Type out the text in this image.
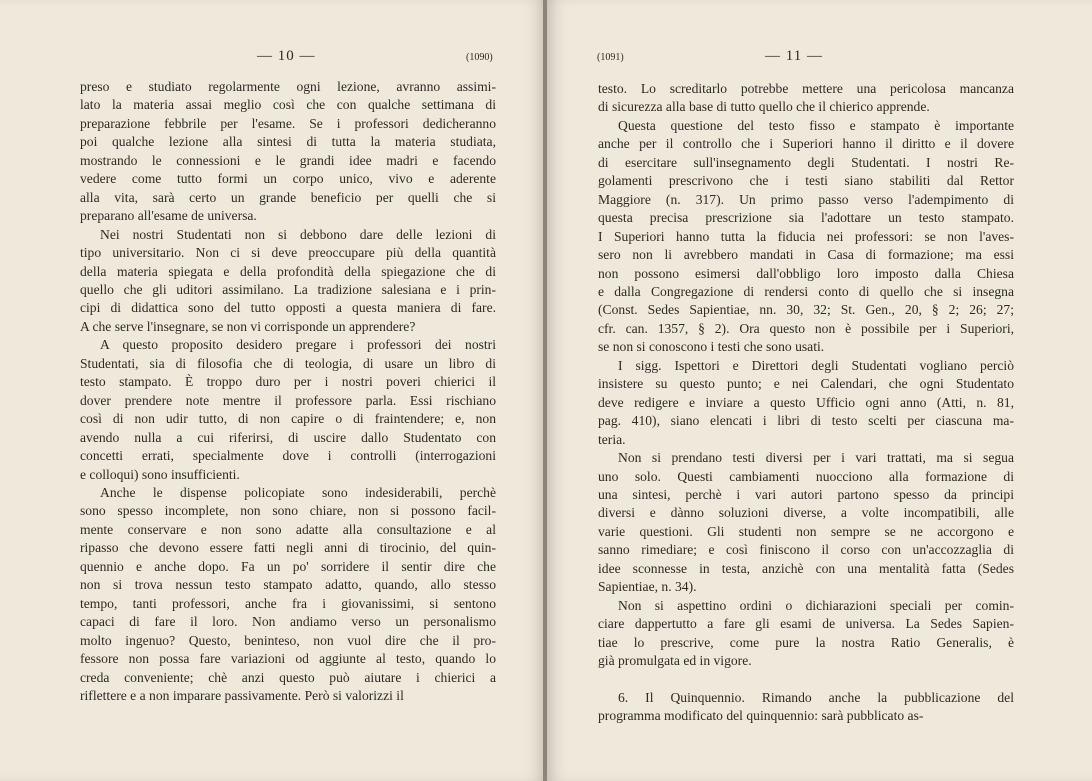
— 10 —	(1090)
preso e studiato regolarmente ogni lezione, avranno assimi-
lato la materia assai meglio così che con qualche settimana di
preparazione febbrile per l'esame. Se i professori dedicheranno
poi qualche lezione alla sintesi di tutta la materia studiata,
mostrando le connessioni e le grandi idee madri e facendo
vedere come tutto formi un corpo unico, vivo e aderente
alla vita, sarà certo un grande beneficio per quelli che si
preparano all'esame de universa.
Nei nostri Studentati non si debbono dare delle lezioni di
tipo universitario. Non ci si deve preoccupare più della quantità
della materia spiegata e della profondità della spiegazione che di
quello che gli uditori assimilano. La tradizione salesiana e i prin-
cipi di didattica sono del tutto opposti a questa maniera di fare.
A che serve l'insegnare, se non vi corrisponde un apprendere?
A questo proposito desidero pregare i professori dei nostri
Studentati, sia di filosofia che di teologia, di usare un libro di
testo stampato. È troppo duro per i nostri poveri chierici il
dover prendere note mentre il professore parla. Essi rischiano
così di non udir tutto, di non capire o di fraintendere; e, non
avendo nulla a cui riferirsi, di uscire dallo Studentato con
concetti errati, specialmente dove i controlli (interrogazioni
e colloqui) sono insufficienti.
Anche le dispense policopiate sono indesiderabili, perchè
sono spesso incomplete, non sono chiare, non si possono facil-
mente conservare e non sono adatte alla consultazione e al
ripasso che devono essere fatti negli anni di tirocinio, del quin-
quennio e anche dopo. Fa un po' sorridere il sentir dire che
non si trova nessun testo stampato adatto, quando, allo stesso
tempo, tanti professori, anche fra i giovanissimi, si sentono
capaci di fare il loro. Non andiamo verso un personalismo
molto ingenuo? Questo, beninteso, non vuol dire che il pro-
fessore non possa fare variazioni od aggiunte al testo, quando lo
creda conveniente; chè anzi questo può aiutare i chierici a
riflettere e a non imparare passivamente. Però si valorizzi il
(1091)	— 11 —
testo. Lo screditarlo potrebbe mettere una pericolosa mancanza
di sicurezza alla base di tutto quello che il chierico apprende.
Questa questione del testo fisso e stampato è importante
anche per il controllo che i Superiori hanno il diritto e il dovere
di esercitare sull'insegnamento degli Studentati. I nostri Re-
golamenti prescrivono che i testi siano stabiliti dal Rettor
Maggiore (n. 317). Un primo passo verso l'adempimento di
questa precisa prescrizione sia l'adottare un testo stampato.
I Superiori hanno tutta la fiducia nei professori: se non l'aves-
sero non li avrebbero mandati in Casa di formazione; ma essi
non possono esimersi dall'obbligo loro imposto dalla Chiesa
e dalla Congregazione di rendersi conto di quello che si insegna
(Const. Sedes Sapientiae, nn. 30, 32; St. Gen., 20, § 2; 26; 27;
cfr. can. 1357, § 2). Ora questo non è possibile per i Superiori,
se non si conoscono i testi che sono usati.
I sigg. Ispettori e Direttori degli Studentati vogliano perciò
insistere su questo punto; e nei Calendari, che ogni Studentato
deve redigere e inviare a questo Ufficio ogni anno (Atti, n. 81,
pag. 410), siano elencati i libri di testo scelti per ciascuna ma-
teria.
Non si prendano testi diversi per i vari trattati, ma si segua
uno solo. Questi cambiamenti nuocciono alla formazione di
una sintesi, perchè i vari autori partono spesso da principi
diversi e dànno soluzioni diverse, a volte incompatibili, alle
varie questioni. Gli studenti non sempre se ne accorgono e
sanno rimediare; e così finiscono il corso con un'accozzaglia di
idee sconnesse in testa, anzichè con una mentalità fatta (Sedes
Sapientiae, n. 34).
Non si aspettino ordini o dichiarazioni speciali per comin-
ciare dappertutto a fare gli esami de universa. La Sedes Sapien-
tiae lo prescrive, come pure la nostra Ratio Generalis, è
già promulgata ed in vigore.
6. Il Quinquennio. Rimando anche la pubblicazione del
programma modificato del quinquennio: sarà pubblicato as-
